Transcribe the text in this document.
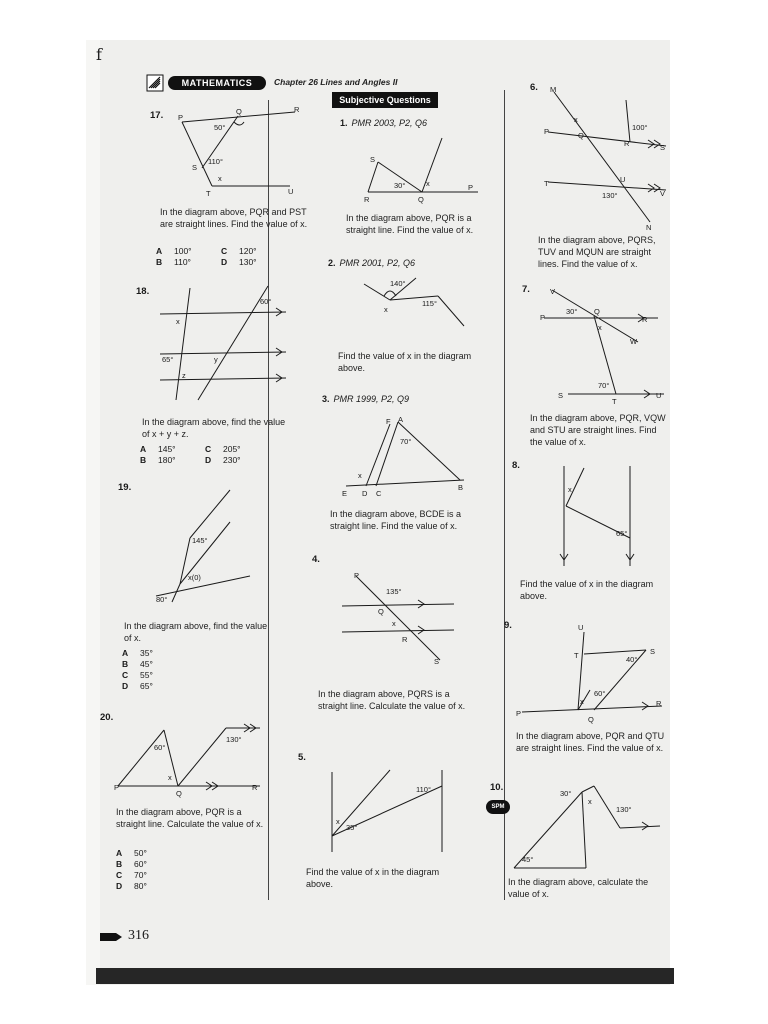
f
MATHEMATICS	Chapter 26 Lines and Angles II
17. P
Q	R
50°
S
110°
x
T	U
In the diagram above, PQR and PST are straight lines. Find the value of x.
A	100°	C	120°
B	110°	D	130°
18.
60°
x
65°	y
z
In the diagram above, find the value of x + y + z.
A	145°	C	205°
B	180°	D	230°
19.
145°
x(0)
80°
In the diagram above, find the value of x.
A	35°
B	45°
C	55°
D	65°
20.
60°
130°
x
P
Q
R
In the diagram above, PQR is a straight line. Calculate the value of x.
A	50°
B	60°
C	70°
D	80°
Subjective Questions
1. PMR 2003, P2, Q6
R
S
30°	x
Q
P
In the diagram above, PQR is a straight line. Find the value of x.
2. PMR 2001, P2, Q6
140°
115°
x
Find the value of x in the diagram above.
3. PMR 1999, P2, Q9
F A
70°
x
E D C
B
In the diagram above, BCDE is a straight line. Find the value of x.
4.
P
135°
Q
x
R
S
In the diagram above, PQRS is a straight line. Calculate the value of x.
5.
110°
x
35°
Find the value of x in the diagram above.
6. M
P
x
Q
100°
R	S
T	U
130°	V
N
In the diagram above, PQRS, TUV and MQUN are straight lines. Find the value of x.
7.	V
P
30° Q
x
R
W
70°
S
T
U
In the diagram above, PQR, VQW and STU are straight lines. Find the value of x.
8.
x
65°
Find the value of x in the diagram above.
9.	U
T	S
40°
60°
x
P
Q
R
In the diagram above, PQR and QTU are straight lines. Find the value of x.
10.
SPM
30°
x
130°
45°
In the diagram above, calculate the value of x.
316
